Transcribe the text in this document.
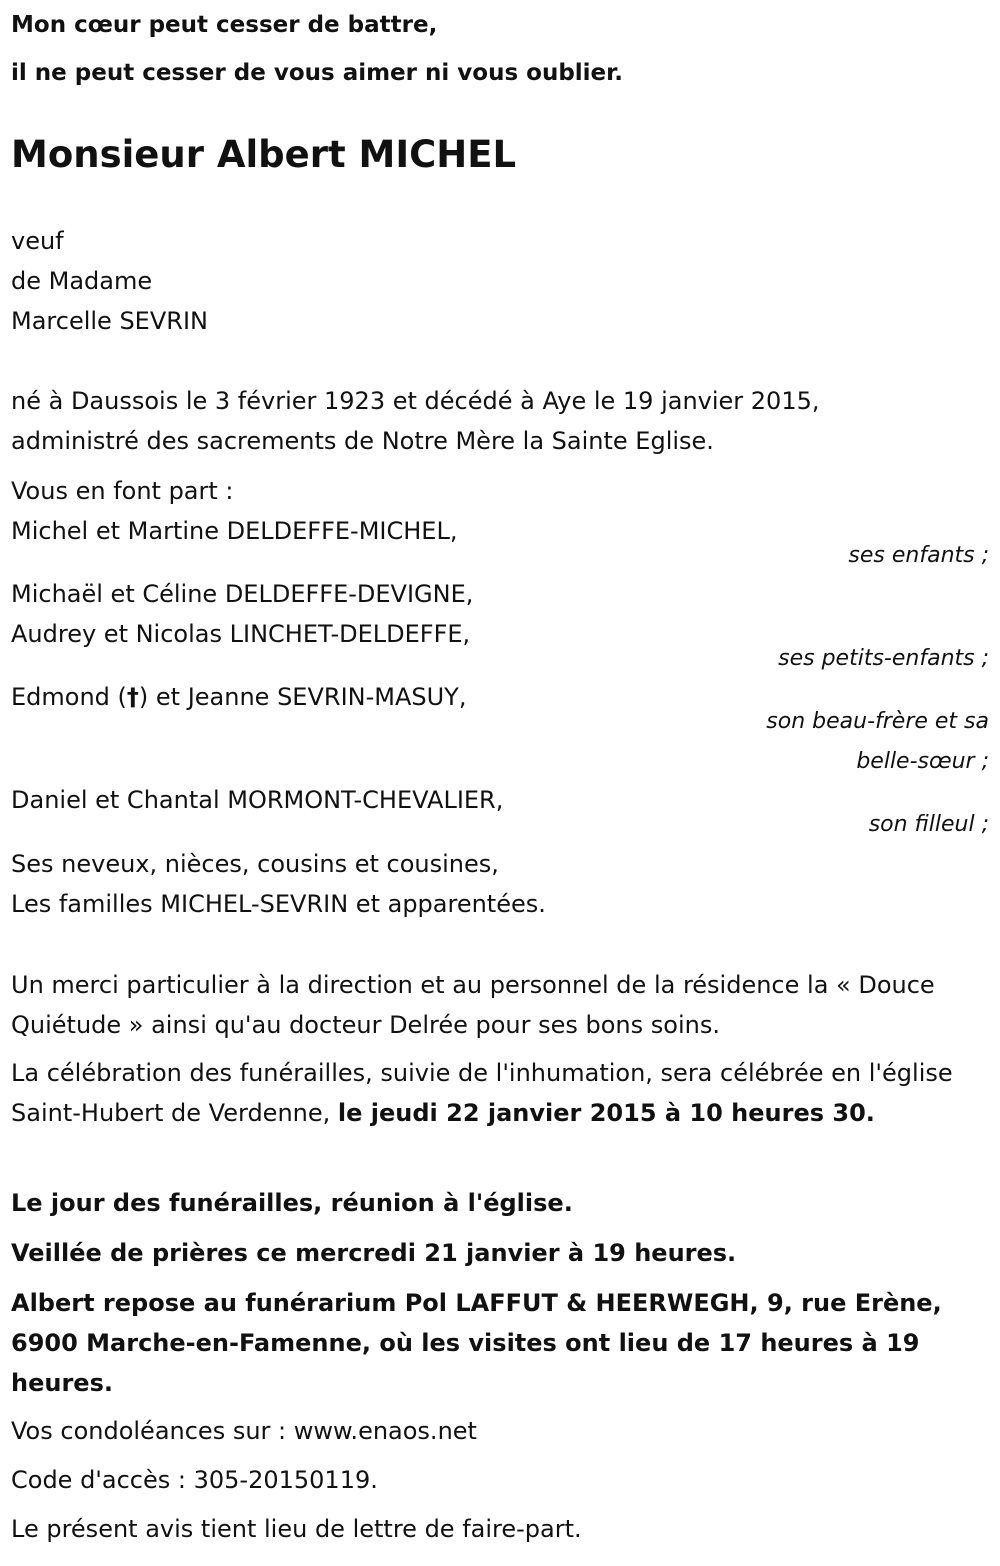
Mon cœur peut cesser de battre,
il ne peut cesser de vous aimer ni vous oublier.
Monsieur Albert MICHEL
veuf
de Madame
Marcelle SEVRIN
né à Daussois le 3 février 1923 et décédé à Aye le 19 janvier 2015,
administré des sacrements de Notre Mère la Sainte Eglise.
Vous en font part :
Michel et Martine DELDEFFE-MICHEL,
ses enfants ;
Michaël et Céline DELDEFFE-DEVIGNE,
Audrey et Nicolas LINCHET-DELDEFFE,
ses petits-enfants ;
Edmond (†) et Jeanne SEVRIN-MASUY,
son beau-frère et sa
belle-sœur ;
Daniel et Chantal MORMONT-CHEVALIER,
son filleul ;
Ses neveux, nièces, cousins et cousines,
Les familles MICHEL-SEVRIN et apparentées.
Un merci particulier à la direction et au personnel de la résidence la « Douce Quiétude » ainsi qu'au docteur Delrée pour ses bons soins.
La célébration des funérailles, suivie de l'inhumation, sera célébrée en l'église Saint-Hubert de Verdenne, le jeudi 22 janvier 2015 à 10 heures 30.
Le jour des funérailles, réunion à l'église.
Veillée de prières ce mercredi 21 janvier à 19 heures.
Albert repose au funérarium Pol LAFFUT & HEERWEGH, 9, rue Erène, 6900 Marche-en-Famenne, où les visites ont lieu de 17 heures à 19 heures.
Vos condoléances sur : www.enaos.net
Code d'accès : 305-20150119.
Le présent avis tient lieu de lettre de faire-part.
